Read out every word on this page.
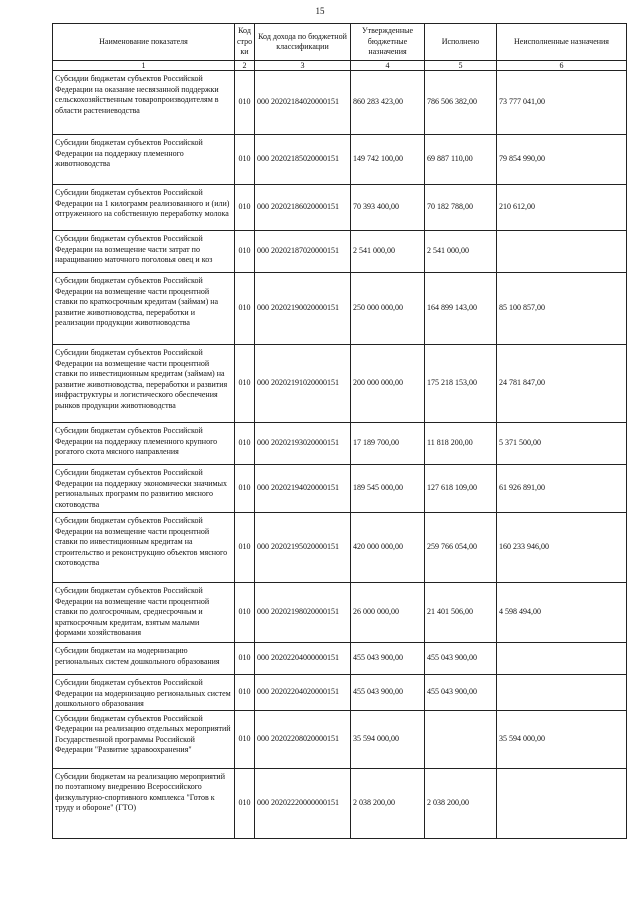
15
Наименование показателя	Код стро ки	Код дохода по бюджетной классификации	Утвержденные бюджетные назначения	Исполнено	Неисполненные назначения
1	2	3	4	5	6
Субсидии бюджетам субъектов Российской Федерации на оказание несвязанной поддержки сельскохозяйственным товаропроизводителям в области растениеводства	010	000 20202184020000151	860 283 423,00	786 506 382,00	73 777 041,00
Субсидии бюджетам субъектов Российской Федерации на поддержку племенного животноводства	010	000 20202185020000151	149 742 100,00	69 887 110,00	79 854 990,00
Субсидии бюджетам субъектов Российской Федерации на 1 килограмм реализованного и (или) отгруженного на собственную переработку молока	010	000 20202186020000151	70 393 400,00	70 182 788,00	210 612,00
Субсидии бюджетам субъектов Российской Федерации на возмещение части затрат по наращиванию маточного поголовья овец и коз	010	000 20202187020000151	2 541 000,00	2 541 000,00	
Субсидии бюджетам субъектов Российской Федерации на возмещение части процентной ставки по краткосрочным кредитам (займам) на развитие животноводства, переработки и реализации продукции животноводства	010	000 20202190020000151	250 000 000,00	164 899 143,00	85 100 857,00
Субсидии бюджетам субъектов Российской Федерации на возмещение части процентной ставки по инвестиционным кредитам (займам) на развитие животноводства, переработки и развития инфраструктуры и логистического обеспечения рынков продукции животноводства	010	000 20202191020000151	200 000 000,00	175 218 153,00	24 781 847,00
Субсидии бюджетам субъектов Российской Федерации на поддержку племенного крупного рогатого скота мясного направления	010	000 20202193020000151	17 189 700,00	11 818 200,00	5 371 500,00
Субсидии бюджетам субъектов Российской Федерации на поддержку экономически значимых региональных программ по развитию мясного скотоводства	010	000 20202194020000151	189 545 000,00	127 618 109,00	61 926 891,00
Субсидии бюджетам субъектов Российской Федерации на возмещение части процентной ставки по инвестиционным кредитам на строительство и реконструкцию объектов мясного скотоводства	010	000 20202195020000151	420 000 000,00	259 766 054,00	160 233 946,00
Субсидии бюджетам субъектов Российской Федерации на возмещение части процентной ставки по долгосрочным, среднесрочным и краткосрочным кредитам, взятым малыми формами хозяйствования	010	000 20202198020000151	26 000 000,00	21 401 506,00	4 598 494,00
Субсидии бюджетам на модернизацию региональных систем дошкольного образования	010	000 20202204000000151	455 043 900,00	455 043 900,00	
Субсидии бюджетам субъектов Российской Федерации на модернизацию региональных систем дошкольного образования	010	000 20202204020000151	455 043 900,00	455 043 900,00	
Субсидии бюджетам субъектов Российской Федерации на реализацию отдельных мероприятий Государственной программы Российской Федерации "Развитие здравоохранения"	010	000 20202208020000151	35 594 000,00		35 594 000,00
Субсидии бюджетам на реализацию мероприятий по поэтапному внедрению Всероссийского физкультурно-спортивного комплекса "Готов к труду и обороне" (ГТО)	010	000 20202220000000151	2 038 200,00	2 038 200,00	
